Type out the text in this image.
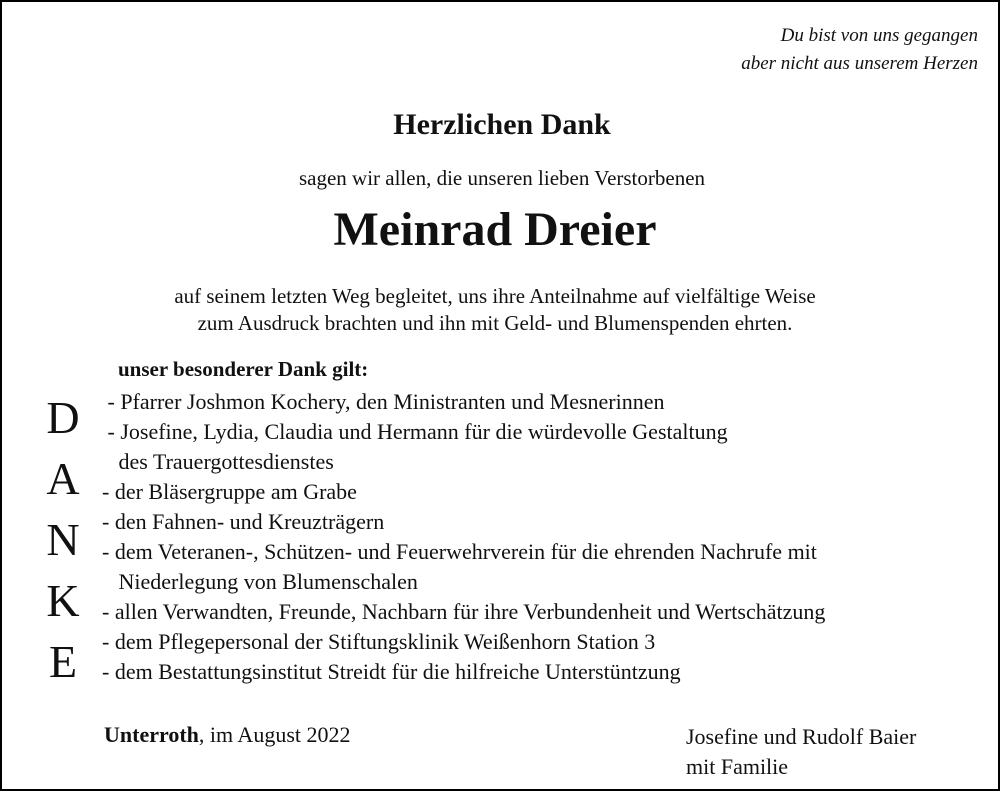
Du bist von uns gegangen
aber nicht aus unserem Herzen
Herzlichen Dank
sagen wir allen, die unseren lieben Verstorbenen
Meinrad Dreier
auf seinem letzten Weg begleitet, uns ihre Anteilnahme auf vielfältige Weise
zum Ausdruck brachten und ihn mit Geld- und Blumenspenden ehrten.
unser besonderer Dank gilt:
D
A
N
K
E
- Pfarrer Joshmon Kochery, den Ministranten und Mesnerinnen
- Josefine, Lydia, Claudia und Hermann für die würdevolle Gestaltung
des Trauergottesdienstes
- der Bläsergruppe am Grabe
- den Fahnen- und Kreuzträgern
- dem Veteranen-, Schützen- und Feuerwehrverein für die ehrenden Nachrufe mit
Niederlegung von Blumenschalen
- allen Verwandten, Freunde, Nachbarn für ihre Verbundenheit und Wertschätzung
- dem Pflegepersonal der Stiftungsklinik Weißenhorn Station 3
- dem Bestattungsinstitut Streidt für die hilfreiche Unterstüntzung
Unterroth, im August 2022	Josefine und Rudolf Baier
mit Familie
